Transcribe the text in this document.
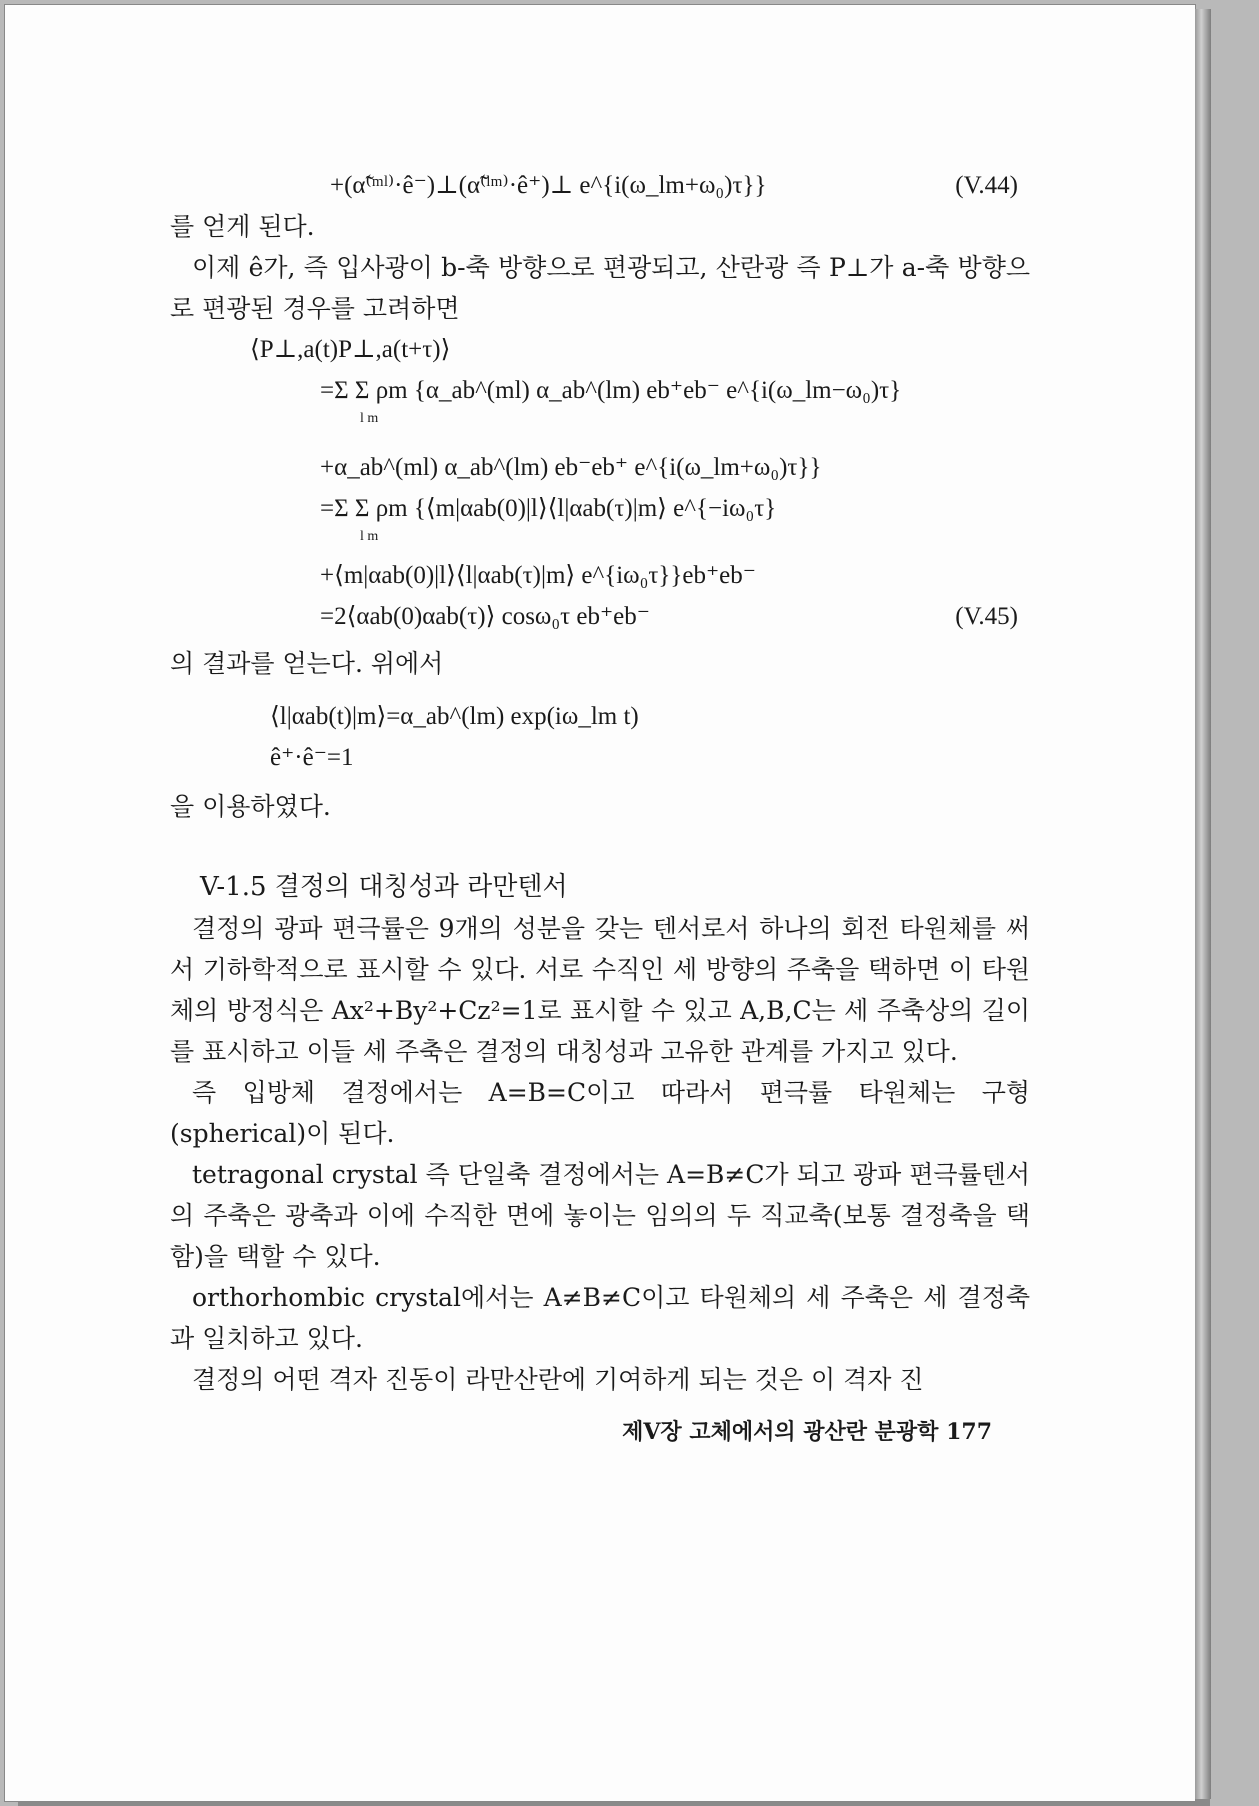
+(α̃⁽ᵐˡ⁾·ê⁻)⊥(α̃⁽ˡᵐ⁾·ê⁺)⊥ e^{i(ω_lm+ω₀)τ}}	(V.44)

를 얻게 된다.

이제 ê가, 즉 입사광이 b-축 방향으로 편광되고, 산란광 즉 P⊥가 a-축 방향으로 편광된 경우를 고려하면

⟨P⊥,a(t)P⊥,a(t+τ)⟩
=Σ Σ ρm {α_ab^(ml) α_ab^(lm) eb⁺eb⁻ e^{i(ω_lm−ω₀)τ}
l m
+α_ab^(ml) α_ab^(lm) eb⁻eb⁺ e^{i(ω_lm+ω₀)τ}}
=Σ Σ ρm {⟨m|αab(0)|l⟩⟨l|αab(τ)|m⟩ e^{−iω₀τ}
l m
+⟨m|αab(0)|l⟩⟨l|αab(τ)|m⟩ e^{iω₀τ}}eb⁺eb⁻
=2⟨αab(0)αab(τ)⟩ cosω₀τ eb⁺eb⁻	(V.45)

의 결과를 얻는다. 위에서

⟨l|αab(t)|m⟩=α_ab^(lm) exp(iω_lm t)
ê⁺·ê⁻=1

을 이용하였다.

V-1.5 결정의 대칭성과 라만텐서

결정의 광파 편극률은 9개의 성분을 갖는 텐서로서 하나의 회전 타원체를 써서 기하학적으로 표시할 수 있다. 서로 수직인 세 방향의 주축을 택하면 이 타원체의 방정식은 Ax²+By²+Cz²=1로 표시할 수 있고 A,B,C는 세 주축상의 길이를 표시하고 이들 세 주축은 결정의 대칭성과 고유한 관계를 가지고 있다.

즉 입방체 결정에서는 A=B=C이고 따라서 편극률 타원체는 구형(spherical)이 된다.

tetragonal crystal 즉 단일축 결정에서는 A=B≠C가 되고 광파 편극률텐서의 주축은 광축과 이에 수직한 면에 놓이는 임의의 두 직교축(보통 결정축을 택함)을 택할 수 있다.

orthorhombic crystal에서는 A≠B≠C이고 타원체의 세 주축은 세 결정축과 일치하고 있다.

결정의 어떤 격자 진동이 라만산란에 기여하게 되는 것은 이 격자 진

제V장 고체에서의 광산란 분광학 177
